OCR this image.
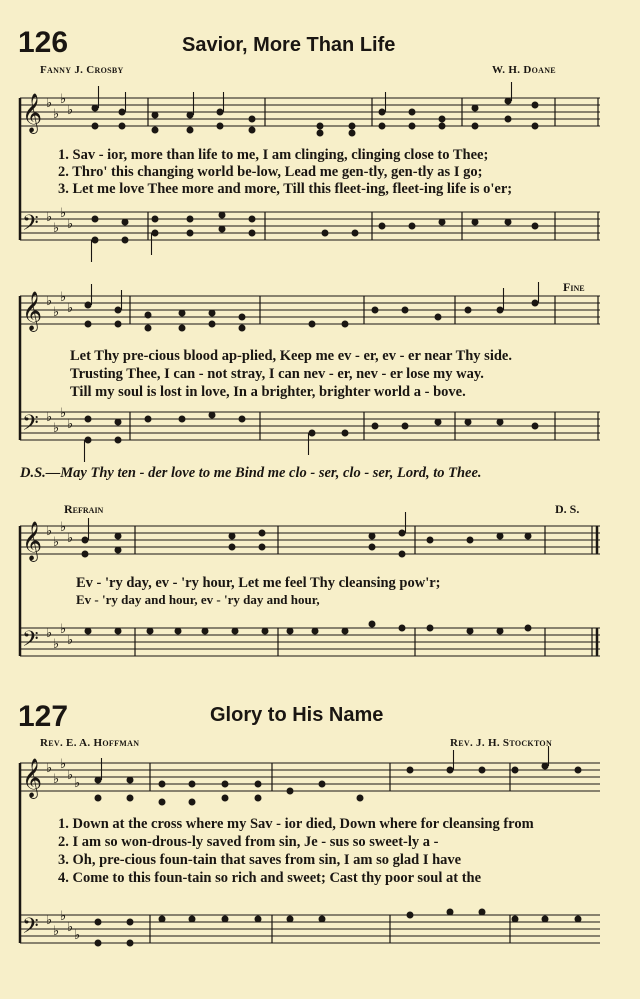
𝄞
𝄢
𝄞
𝄢
𝄞
𝄢
𝄞
𝄢
♭
♭
♭
♭
♭
♭
♭
♭
♭
♭
♭
♭
♭
♭
♭
♭
♭
♭
♭
♭
♭
♭
♭
♭
♭
♭
♭
♭
♭
♭
♭
♭
♭
♭
126	Savior, More Than Life
Fanny J. Crosby	W. H. Doane
1. Sav - ior, more than life to me, I am clinging, clinging close to Thee;
2. Thro' this changing world be-low, Lead me gen-tly, gen-tly as I go;
3. Let me love Thee more and more, Till this fleet-ing, fleet-ing life is o'er;
Fine
Let Thy pre-cious blood ap-plied, Keep me ev - er, ev - er near Thy side.
Trusting Thee, I can - not stray, I can nev - er, nev - er lose my way.
Till my soul is lost in love, In a brighter, brighter world a - bove.
D.S.—May Thy ten - der love to me Bind me clo - ser, clo - ser, Lord, to Thee.
Refrain	D. S.
Ev - 'ry day, ev - 'ry hour, Let me feel Thy cleansing pow'r;
Ev - 'ry day and hour, ev - 'ry day and hour,
127	Glory to His Name
Rev. E. A. Hoffman	Rev. J. H. Stockton
1. Down at the cross where my Sav - ior died, Down where for cleansing from
2. I am so won-drous-ly saved from sin, Je - sus so sweet-ly a -
3. Oh, pre-cious foun-tain that saves from sin, I am so glad I have
4. Come to this foun-tain so rich and sweet; Cast thy poor soul at the
